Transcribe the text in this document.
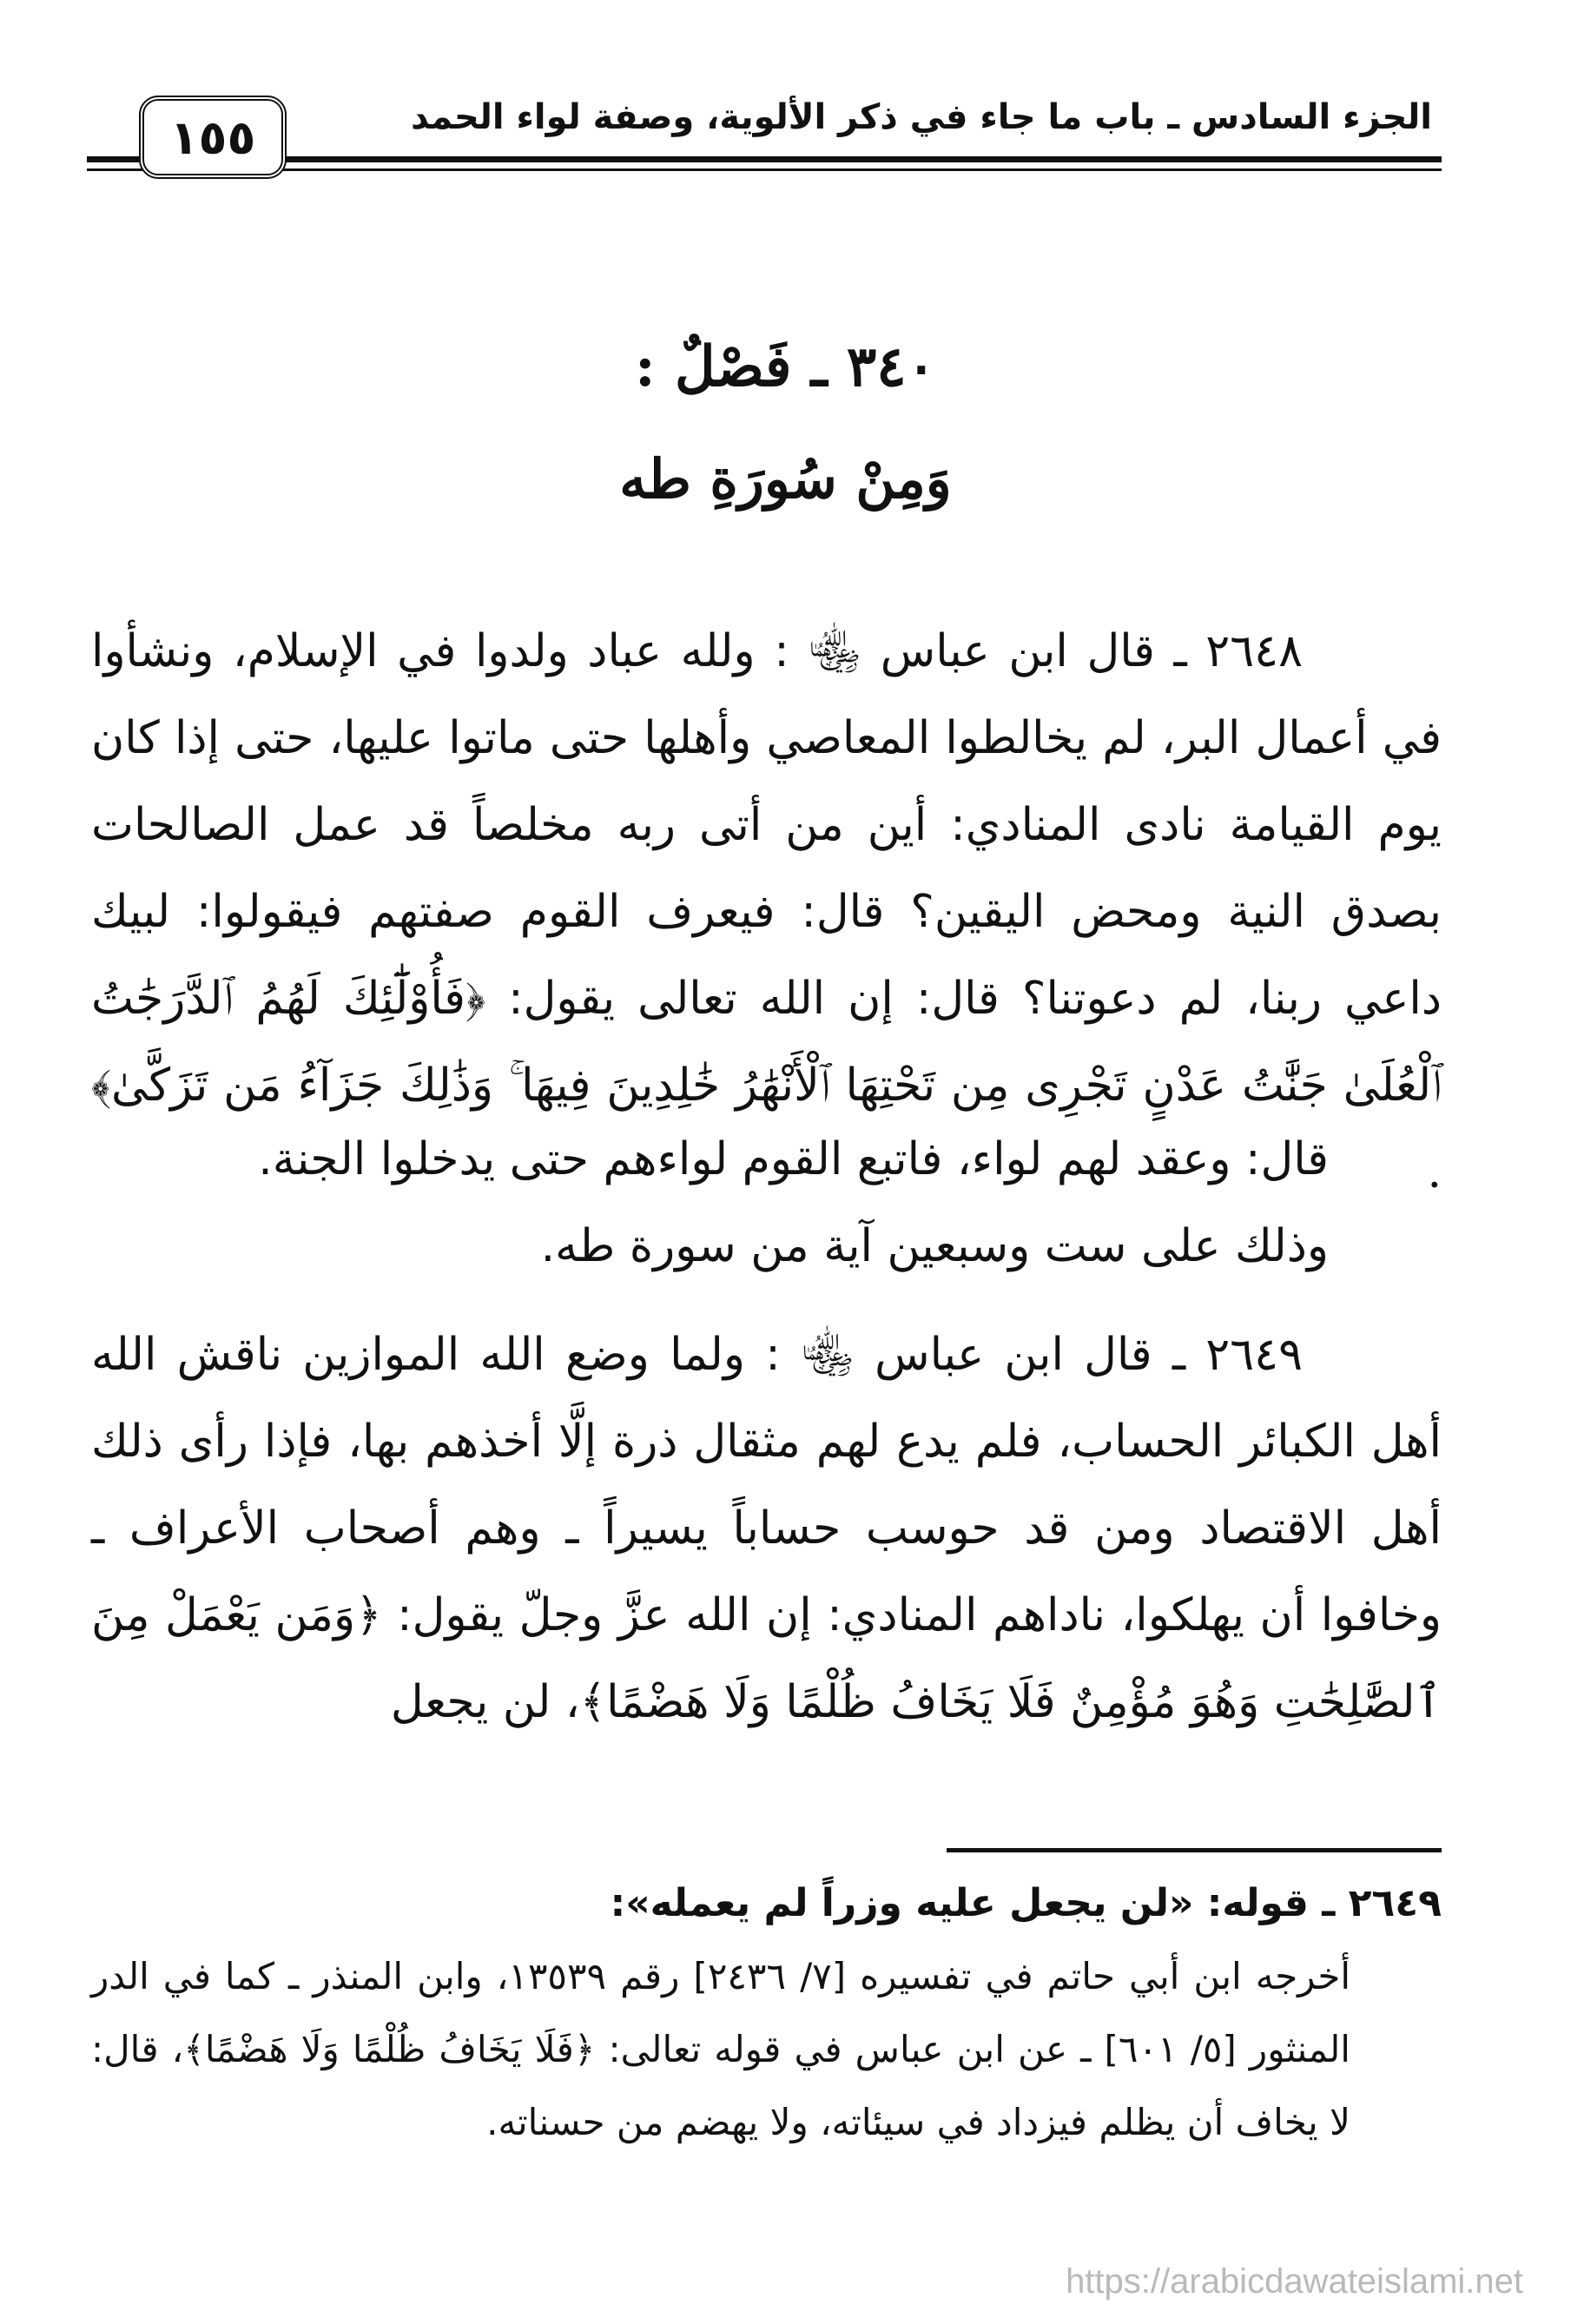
الجزء السادس ـ باب ما جاء في ذكر الألوية، وصفة لواء الحمد
١٥٥
٣٤٠ ـ فَصْلٌ :
وَمِنْ سُورَةِ طه

٢٦٤٨ ـ قال ابن عباس ﵄ : ولله عباد ولدوا في الإسلام، ونشأوا في أعمال البر، لم يخالطوا المعاصي وأهلها حتى ماتوا عليها، حتى إذا كان يوم القيامة نادى المنادي: أين من أتى ربه مخلصاً قد عمل الصالحات بصدق النية ومحض اليقين؟ قال: فيعرف القوم صفتهم فيقولوا: لبيك داعي ربنا، لم دعوتنا؟ قال: إن الله تعالى يقول: ﴿فَأُوْلَٰٓئِكَ لَهُمُ ٱلدَّرَجَٰتُ ٱلْعُلَىٰ جَنَّٰتُ عَدْنٍ تَجْرِى مِن تَحْتِهَا ٱلْأَنْهَٰرُ خَٰلِدِينَ فِيهَا ۚ وَذَٰلِكَ جَزَآءُ مَن تَزَكَّىٰ﴾ .

قال: وعقد لهم لواء، فاتبع القوم لواءهم حتى يدخلوا الجنة.

وذلك على ست وسبعين آية من سورة طه.

٢٦٤٩ ـ قال ابن عباس ﵄ : ولما وضع الله الموازين ناقش الله أهل الكبائر الحساب، فلم يدع لهم مثقال ذرة إلَّا أخذهم بها، فإذا رأى ذلك أهل الاقتصاد ومن قد حوسب حساباً يسيراً ـ وهم أصحاب الأعراف ـ وخافوا أن يهلكوا، ناداهم المنادي: إن الله عزَّ وجلّ يقول: ﴿وَمَن يَعْمَلْ مِنَ ٱلصَّٰلِحَٰتِ وَهُوَ مُؤْمِنٌ فَلَا يَخَافُ ظُلْمًا وَلَا هَضْمًا﴾، لن يجعل

٢٦٤٩ ـ قوله: «لن يجعل عليه وزراً لم يعمله»:

أخرجه ابن أبي حاتم في تفسيره [٧/ ٢٤٣٦] رقم ١٣٥٣٩، وابن المنذر ـ كما في الدر المنثور [٥/ ٦٠١] ـ عن ابن عباس في قوله تعالى: ﴿فَلَا يَخَافُ ظُلْمًا وَلَا هَضْمًا﴾، قال: لا يخاف أن يظلم فيزداد في سيئاته، ولا يهضم من حسناته.

https://arabicdawateislami.net
